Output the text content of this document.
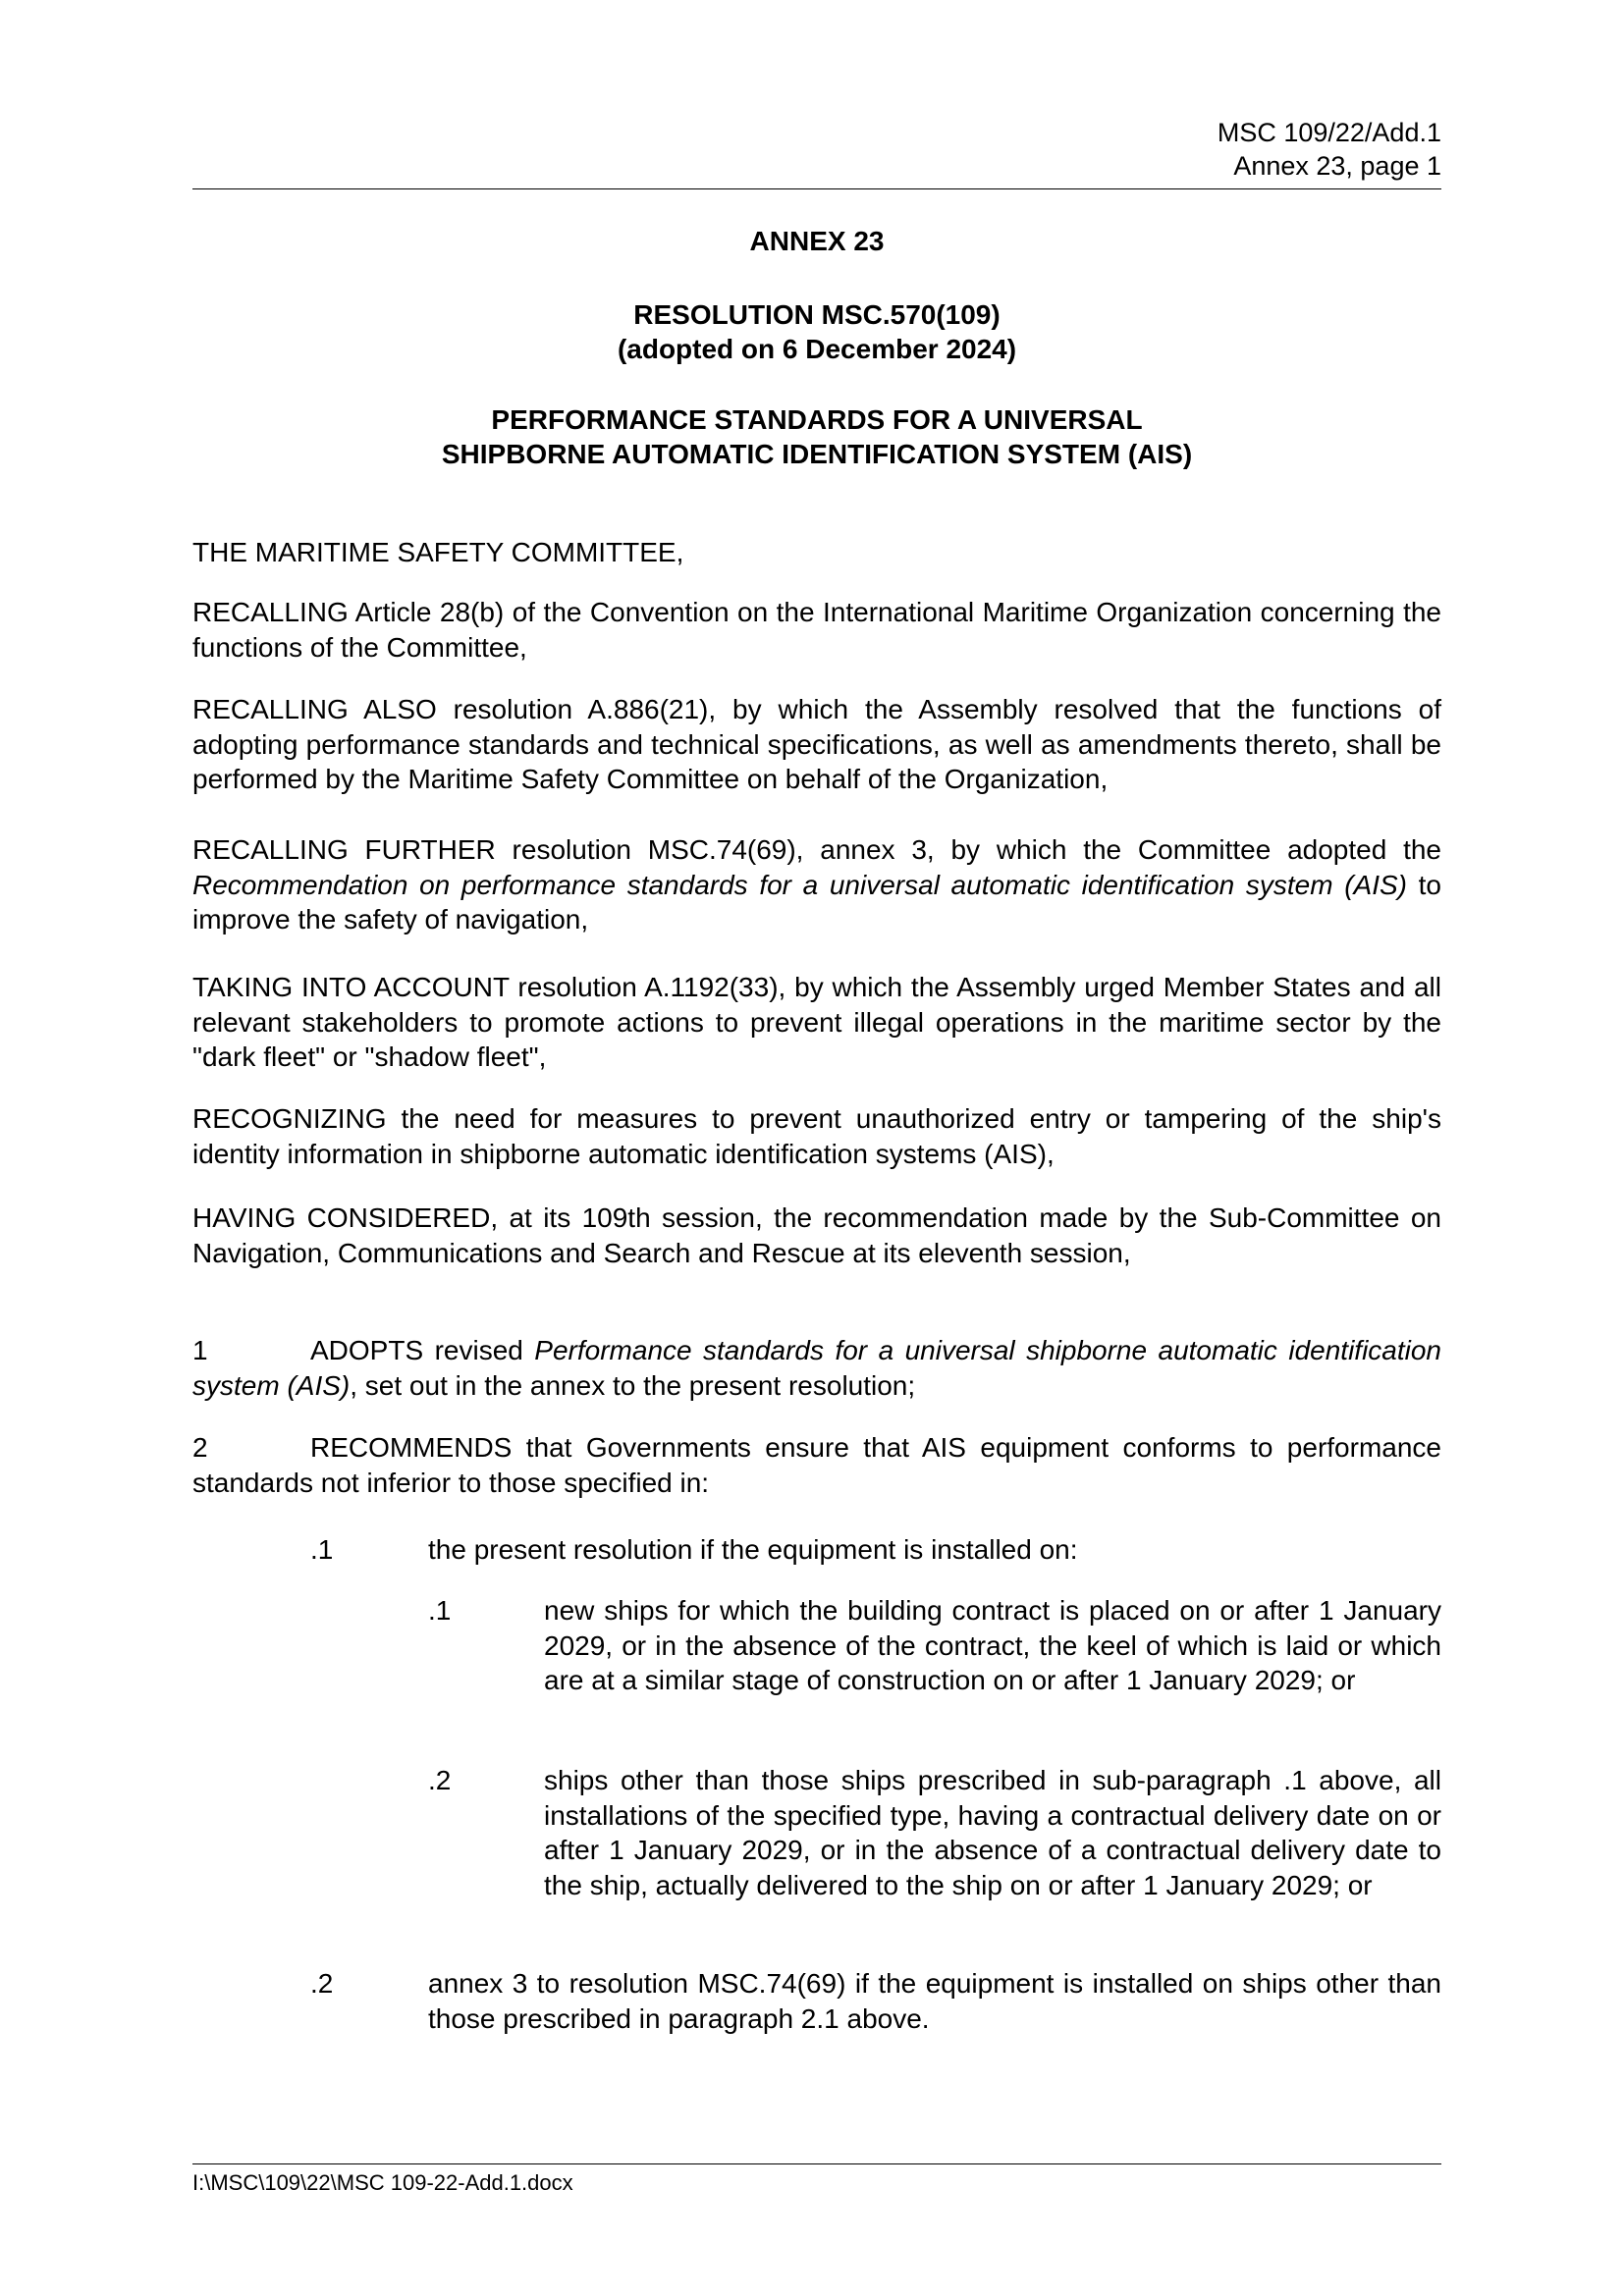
MSC 109/22/Add.1
Annex 23, page 1
ANNEX 23
RESOLUTION MSC.570(109)
(adopted on 6 December 2024)
PERFORMANCE STANDARDS FOR A UNIVERSAL
SHIPBORNE AUTOMATIC IDENTIFICATION SYSTEM (AIS)

THE MARITIME SAFETY COMMITTEE,

RECALLING Article 28(b) of the Convention on the International Maritime Organization concerning the functions of the Committee,

RECALLING ALSO resolution A.886(21), by which the Assembly resolved that the functions of adopting performance standards and technical specifications, as well as amendments thereto, shall be performed by the Maritime Safety Committee on behalf of the Organization,

RECALLING FURTHER resolution MSC.74(69), annex 3, by which the Committee adopted the Recommendation on performance standards for a universal automatic identification system (AIS) to improve the safety of navigation,

TAKING INTO ACCOUNT resolution A.1192(33), by which the Assembly urged Member States and all relevant stakeholders to promote actions to prevent illegal operations in the maritime sector by the "dark fleet" or "shadow fleet",

RECOGNIZING the need for measures to prevent unauthorized entry or tampering of the ship's identity information in shipborne automatic identification systems (AIS),

HAVING CONSIDERED, at its 109th session, the recommendation made by the Sub-Committee on Navigation, Communications and Search and Rescue at its eleventh session,

1	ADOPTS revised Performance standards for a universal shipborne automatic identification system (AIS), set out in the annex to the present resolution;
2	RECOMMENDS that Governments ensure that AIS equipment conforms to performance standards not inferior to those specified in:
.1	the present resolution if the equipment is installed on:
.1	new ships for which the building contract is placed on or after 1 January 2029, or in the absence of the contract, the keel of which is laid or which are at a similar stage of construction on or after 1 January 2029; or
.2	ships other than those ships prescribed in sub-paragraph .1 above, all installations of the specified type, having a contractual delivery date on or after 1 January 2029, or in the absence of a contractual delivery date to the ship, actually delivered to the ship on or after 1 January 2029; or
.2	annex 3 to resolution MSC.74(69) if the equipment is installed on ships other than those prescribed in paragraph 2.1 above.
I:\MSC\109\22\MSC 109-22-Add.1.docx
